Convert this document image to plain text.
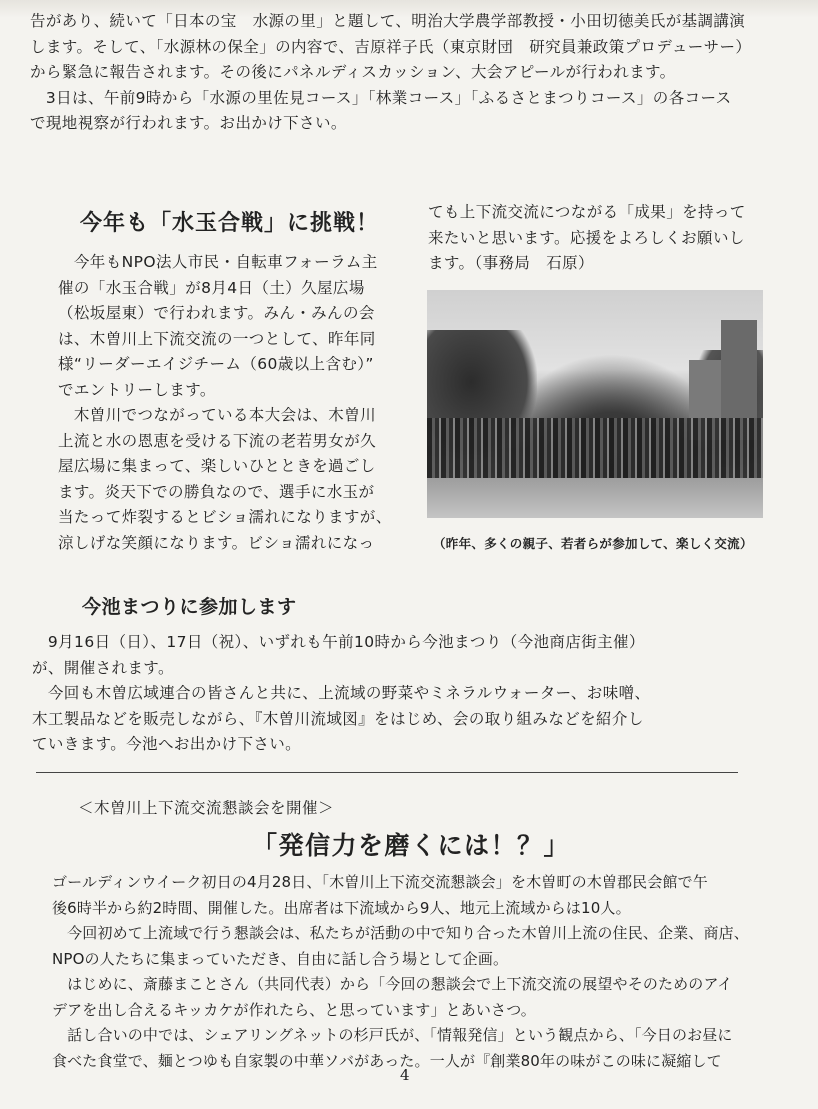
告があり、続いて「日本の宝　水源の里」と題して、明治大学農学部教授・小田切徳美氏が基調講演
します。そして、「水源林の保全」の内容で、吉原祥子氏（東京財団　研究員兼政策プロデューサー）
から緊急に報告されます。その後にパネルディスカッション、大会アピールが行われます。
　3日は、午前9時から「水源の里佐見コース」「林業コース」「ふるさとまつりコース」の各コース
で現地視察が行われます。お出かけ下さい。
今年も「水玉合戦」に挑戦！
　今年もNPO法人市民・自転車フォーラム主
催の「水玉合戦」が8月4日（土）久屋広場
（松坂屋東）で行われます。みん・みんの会
は、木曽川上下流交流の一つとして、昨年同
様“リーダーエイジチーム（60歳以上含む）”
でエントリーします。
　木曽川でつながっている本大会は、木曽川
上流と水の恩恵を受ける下流の老若男女が久
屋広場に集まって、楽しいひとときを過ごし
ます。炎天下での勝負なので、選手に水玉が
当たって炸裂するとビショ濡れになりますが、
涼しげな笑顔になります。ビショ濡れになっ
ても上下流交流につながる「成果」を持って
来たいと思います。応援をよろしくお願いし
ます。（事務局　石原）
（昨年、多くの親子、若者らが参加して、楽しく交流）
今池まつりに参加します
　9月16日（日）、17日（祝）、いずれも午前10時から今池まつり（今池商店街主催）
が、開催されます。
　今回も木曽広域連合の皆さんと共に、上流域の野菜やミネラルウォーター、お味噌、
木工製品などを販売しながら、『木曽川流域図』をはじめ、会の取り組みなどを紹介し
ていきます。今池へお出かけ下さい。
＜木曽川上下流交流懇談会を開催＞
「発信力を磨くには！？」
ゴールディンウイーク初日の4月28日、「木曽川上下流交流懇談会」を木曽町の木曽郡民会館で午
後6時半から約2時間、開催した。出席者は下流域から9人、地元上流域からは10人。
　今回初めて上流域で行う懇談会は、私たちが活動の中で知り合った木曽川上流の住民、企業、商店、
NPOの人たちに集まっていただき、自由に話し合う場として企画。
　はじめに、斎藤まことさん（共同代表）から「今回の懇談会で上下流交流の展望やそのためのアイ
デアを出し合えるキッカケが作れたら、と思っています」とあいさつ。
　話し合いの中では、シェアリングネットの杉戸氏が、「情報発信」という観点から、「今日のお昼に
食べた食堂で、麺とつゆも自家製の中華ソバがあった。一人が『創業80年の味がこの味に凝縮して
4
